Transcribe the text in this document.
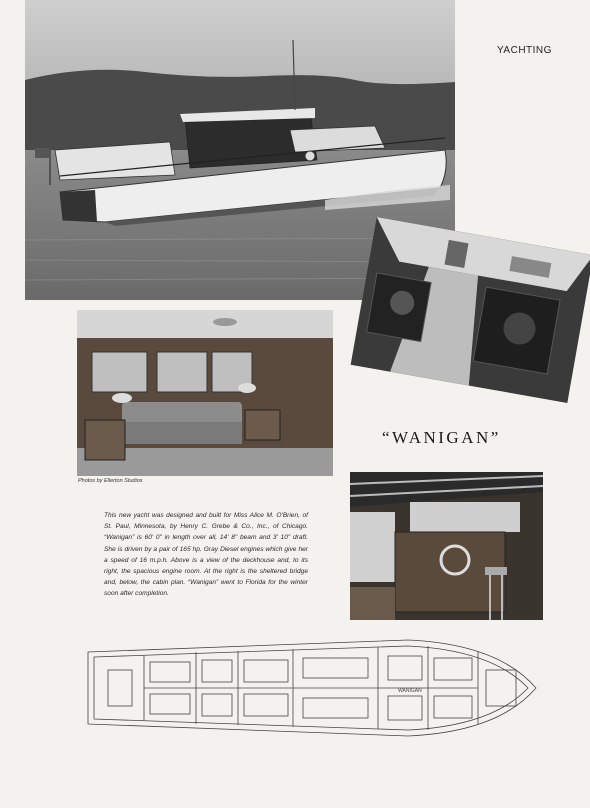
YACHTING
Photos by Ellerton Studios
“WANIGAN”
This new yacht was designed and built for Miss Alice M. O'Brien, of St. Paul, Minnesota, by Henry C. Grebe & Co., Inc., of Chicago. “Wanigan” is 60' 0" in length over all, 14' 8" beam and 3' 10" draft. She is driven by a pair of 165 hp. Gray Diesel engines which give her a speed of 16 m.p.h. Above is a view of the deckhouse and, to its right, the spacious engine room. At the right is the sheltered bridge and, below, the cabin plan. “Wanigan” went to Florida for the winter soon after completion.
WANIGAN
